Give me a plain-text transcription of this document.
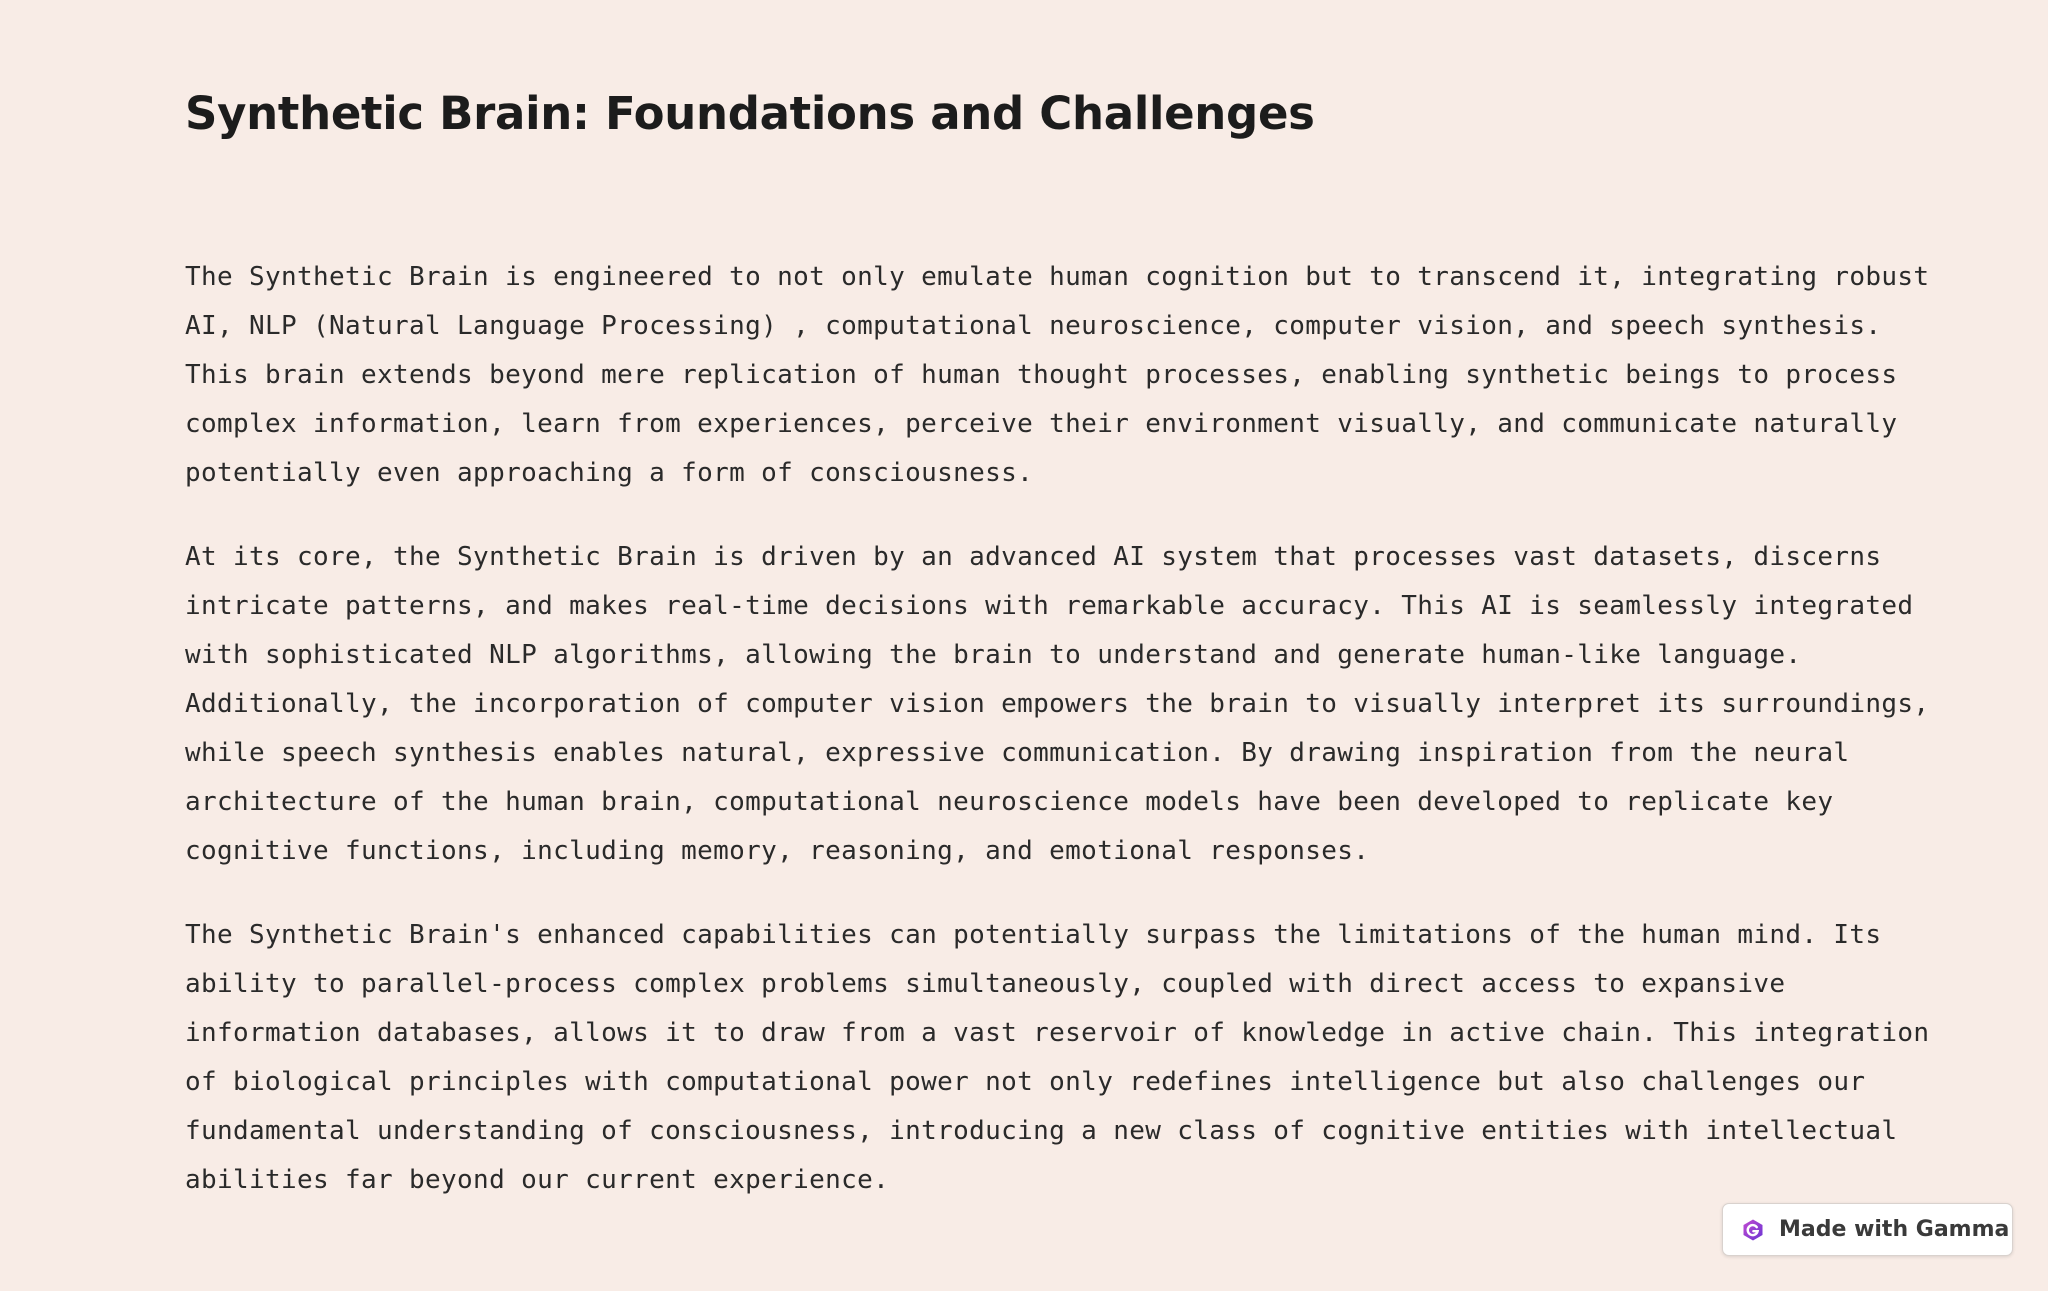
Synthetic Brain: Foundations and Challenges

The Synthetic Brain is engineered to not only emulate human cognition but to transcend it, integrating robust
AI, NLP (Natural Language Processing) , computational neuroscience, computer vision, and speech synthesis.
This brain extends beyond mere replication of human thought processes, enabling synthetic beings to process
complex information, learn from experiences, perceive their environment visually, and communicate naturally
potentially even approaching a form of consciousness.

At its core, the Synthetic Brain is driven by an advanced AI system that processes vast datasets, discerns
intricate patterns, and makes real-time decisions with remarkable accuracy. This AI is seamlessly integrated
with sophisticated NLP algorithms, allowing the brain to understand and generate human-like language.
Additionally, the incorporation of computer vision empowers the brain to visually interpret its surroundings,
while speech synthesis enables natural, expressive communication. By drawing inspiration from the neural
architecture of the human brain, computational neuroscience models have been developed to replicate key
cognitive functions, including memory, reasoning, and emotional responses.

The Synthetic Brain's enhanced capabilities can potentially surpass the limitations of the human mind. Its
ability to parallel-process complex problems simultaneously, coupled with direct access to expansive
information databases, allows it to draw from a vast reservoir of knowledge in active chain. This integration
of biological principles with computational power not only redefines intelligence but also challenges our
fundamental understanding of consciousness, introducing a new class of cognitive entities with intellectual
abilities far beyond our current experience.

Made with Gamma
